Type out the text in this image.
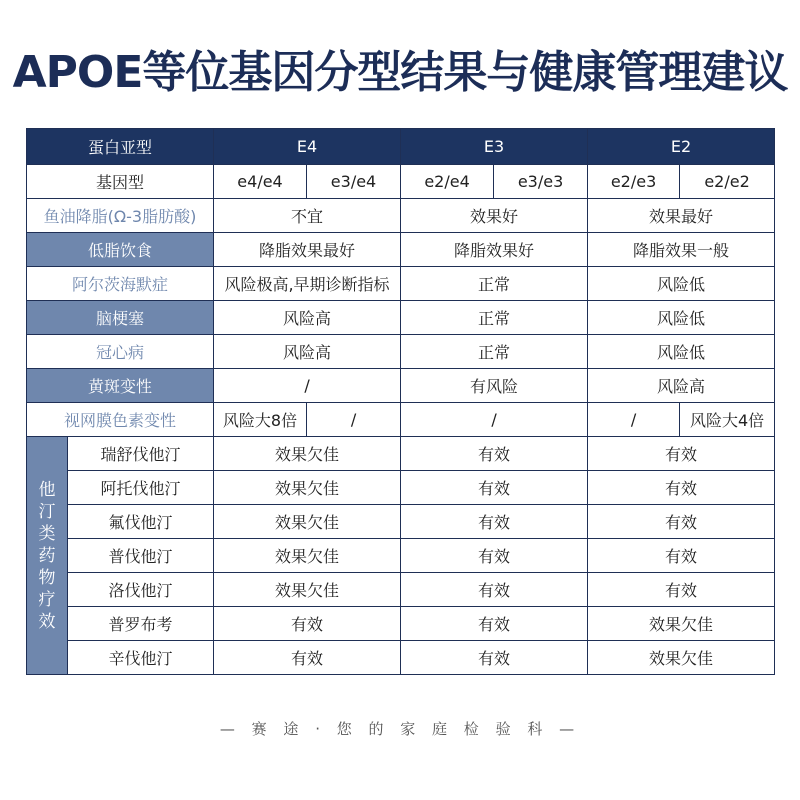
APOE等位基因分型结果与健康管理建议
蛋白亚型		E4		E3		E2	
基因型		e4/e4	e3/e4	e2/e4	e3/e3	e2/e3	e2/e2
鱼油降脂(Ω-3脂肪酸)		不宜		效果好		效果最好	
低脂饮食		降脂效果最好		降脂效果好		降脂效果一般	
阿尔茨海默症		风险极高,早期诊断指标		正常		风险低	
脑梗塞		风险高		正常		风险低	
冠心病		风险高		正常		风险低	
黄斑变性		/		有风险		风险高	
视网膜色素变性		风险大8倍	/	/		/	风险大4倍
他汀类药物疗效	瑞舒伐他汀	效果欠佳		有效		有效	
	阿托伐他汀	效果欠佳		有效		有效	
	氟伐他汀	效果欠佳		有效		有效	
	普伐他汀	效果欠佳		有效		有效	
	洛伐他汀	效果欠佳		有效		有效	
	普罗布考	有效		有效		效果欠佳	
	辛伐他汀	有效		有效		效果欠佳	
— 赛 途 · 您 的 家 庭 检 验 科 —
